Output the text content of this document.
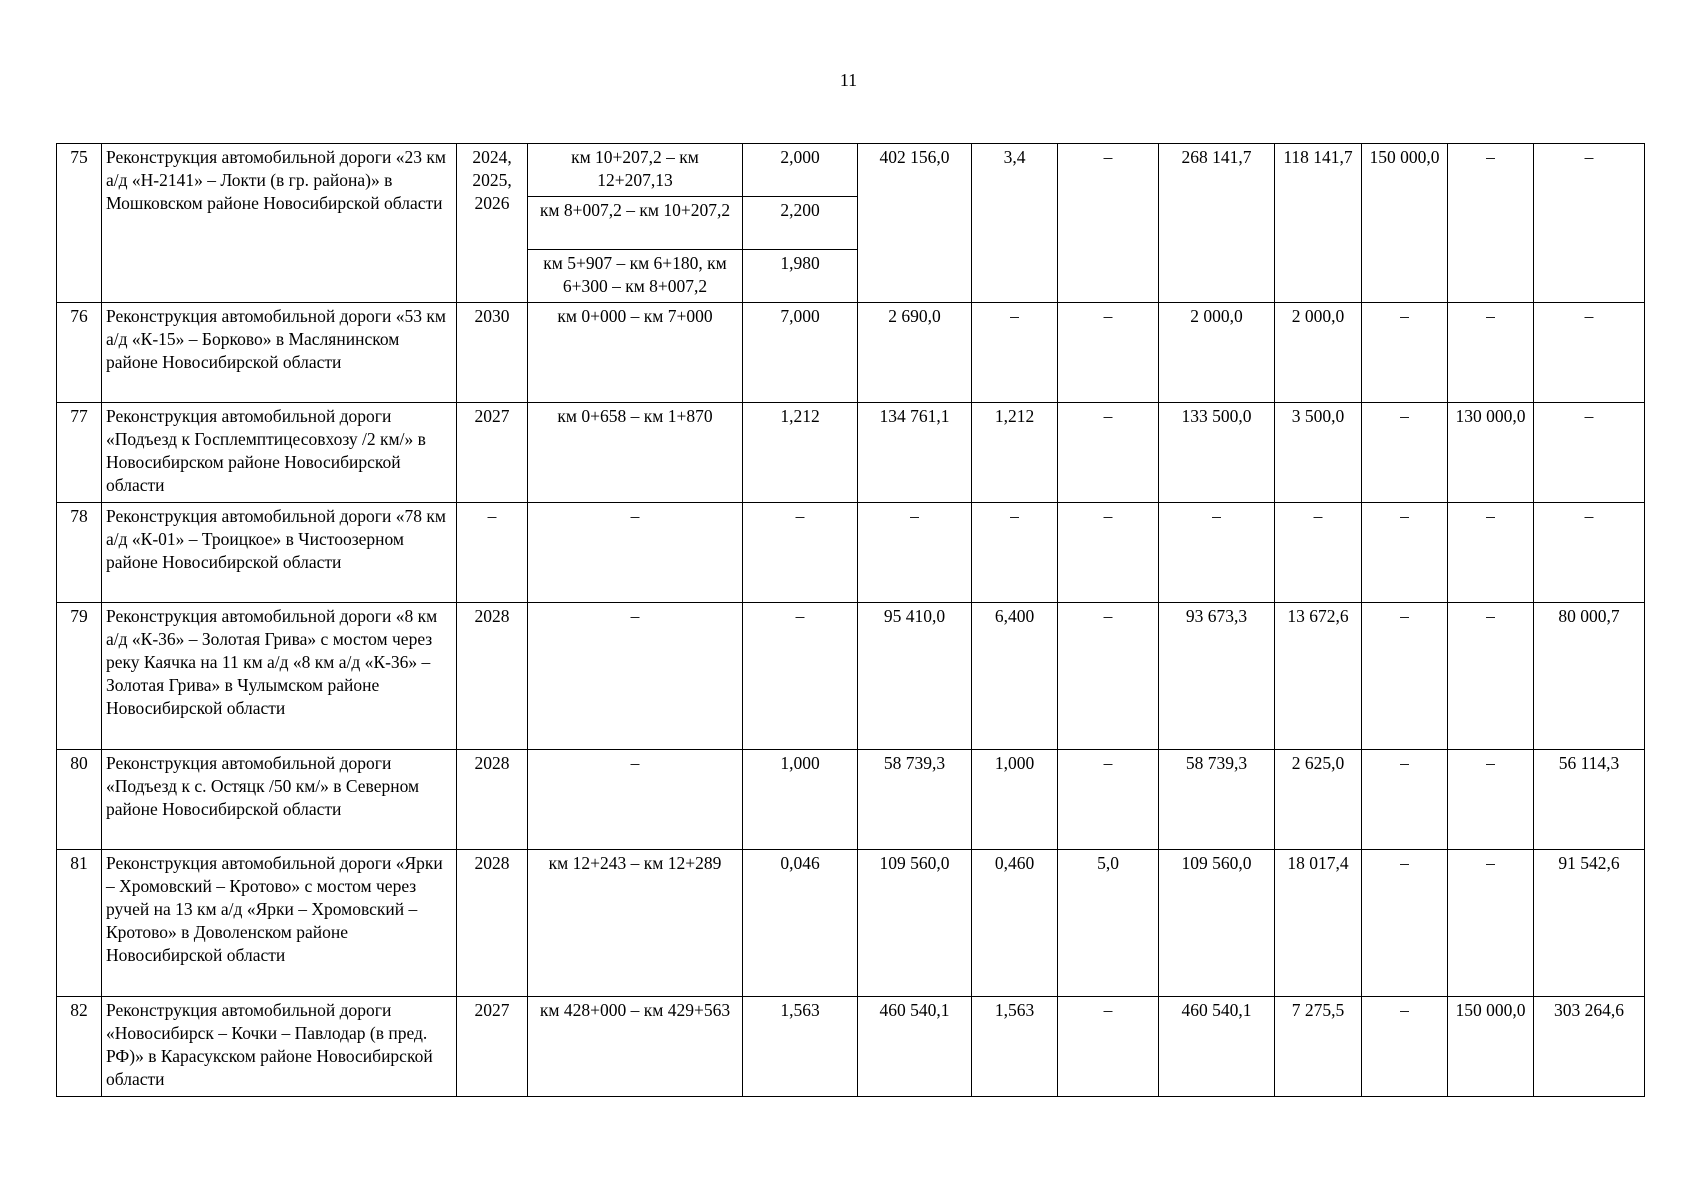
11
75	Реконструкция автомобильной дороги «23 км а/д «Н-2141» – Локти (в гр. района)» в Мошковском районе Новосибирской области	2024, 2025, 2026	км 10+207,2 – км 12+207,13	2,000	402 156,0	3,4	–	268 141,7	118 141,7	150 000,0	–	–
			км 8+007,2 – км 10+207,2	2,200								
			км 5+907 – км 6+180, км 6+300 – км 8+007,2	1,980								
76	Реконструкция автомобильной дороги «53 км а/д «К-15» – Борково» в Маслянинском районе Новосибирской области	2030	км 0+000 – км 7+000	7,000	2 690,0	–	–	2 000,0	2 000,0	–	–	–
77	Реконструкция автомобильной дороги «Подъезд к Госплемптицесовхозу /2 км/» в Новосибирском районе Новосибирской области	2027	км 0+658 – км 1+870	1,212	134 761,1	1,212	–	133 500,0	3 500,0	–	130 000,0	–
78	Реконструкция автомобильной дороги «78 км а/д «К-01» – Троицкое» в Чистоозерном районе Новосибирской области	–	–	–	–	–	–	–	–	–	–	–
79	Реконструкция автомобильной дороги «8 км а/д «К-36» – Золотая Грива» с мостом через реку Каячка на 11 км а/д «8 км а/д «К-36» – Золотая Грива» в Чулымском районе Новосибирской области	2028	–	–	95 410,0	6,400	–	93 673,3	13 672,6	–	–	80 000,7
80	Реконструкция автомобильной дороги «Подъезд к с. Остяцк /50 км/» в Северном районе Новосибирской области	2028	–	1,000	58 739,3	1,000	–	58 739,3	2 625,0	–	–	56 114,3
81	Реконструкция автомобильной дороги «Ярки – Хромовский – Кротово» с мостом через ручей на 13 км а/д «Ярки – Хромовский – Кротово» в Доволенском районе Новосибирской области	2028	км 12+243 – км 12+289	0,046	109 560,0	0,460	5,0	109 560,0	18 017,4	–	–	91 542,6
82	Реконструкция автомобильной дороги «Новосибирск – Кочки – Павлодар (в пред. РФ)» в Карасукском районе Новосибирской области	2027	км 428+000 – км 429+563	1,563	460 540,1	1,563	–	460 540,1	7 275,5	–	150 000,0	303 264,6
